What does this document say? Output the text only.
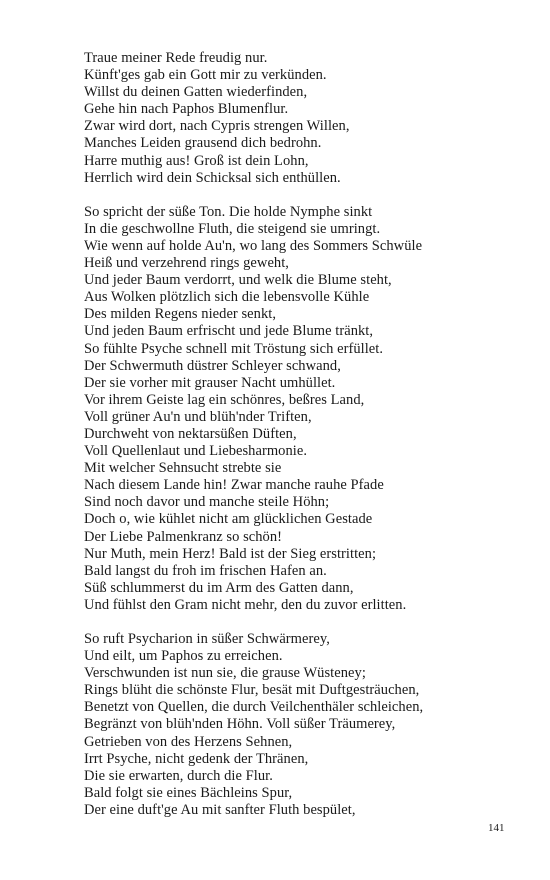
Traue meiner Rede freudig nur.
Künft'ges gab ein Gott mir zu verkünden.
Willst du deinen Gatten wiederfinden,
Gehe hin nach Paphos Blumenflur.
Zwar wird dort, nach Cypris strengen Willen,
Manches Leiden grausend dich bedrohn.
Harre muthig aus! Groß ist dein Lohn,
Herrlich wird dein Schicksal sich enthüllen.
So spricht der süße Ton. Die holde Nymphe sinkt
In die geschwollne Fluth, die steigend sie umringt.
Wie wenn auf holde Au'n, wo lang des Sommers Schwüle
Heiß und verzehrend rings geweht,
Und jeder Baum verdorrt, und welk die Blume steht,
Aus Wolken plötzlich sich die lebensvolle Kühle
Des milden Regens nieder senkt,
Und jeden Baum erfrischt und jede Blume tränkt,
So fühlte Psyche schnell mit Tröstung sich erfüllet.
Der Schwermuth düstrer Schleyer schwand,
Der sie vorher mit grauser Nacht umhüllet.
Vor ihrem Geiste lag ein schönres, beßres Land,
Voll grüner Au'n und blüh'nder Triften,
Durchweht von nektarsüßen Düften,
Voll Quellenlaut und Liebesharmonie.
Mit welcher Sehnsucht strebte sie
Nach diesem Lande hin! Zwar manche rauhe Pfade
Sind noch davor und manche steile Höhn;
Doch o, wie kühlet nicht am glücklichen Gestade
Der Liebe Palmenkranz so schön!
Nur Muth, mein Herz! Bald ist der Sieg erstritten;
Bald langst du froh im frischen Hafen an.
Süß schlummerst du im Arm des Gatten dann,
Und fühlst den Gram nicht mehr, den du zuvor erlitten.
So ruft Psycharion in süßer Schwärmerey,
Und eilt, um Paphos zu erreichen.
Verschwunden ist nun sie, die grause Wüsteney;
Rings blüht die schönste Flur, besät mit Duftgesträuchen,
Benetzt von Quellen, die durch Veilchenthäler schleichen,
Begränzt von blüh'nden Höhn. Voll süßer Träumerey,
Getrieben von des Herzens Sehnen,
Irrt Psyche, nicht gedenk der Thränen,
Die sie erwarten, durch die Flur.
Bald folgt sie eines Bächleins Spur,
Der eine duft'ge Au mit sanfter Fluth bespület,
141
